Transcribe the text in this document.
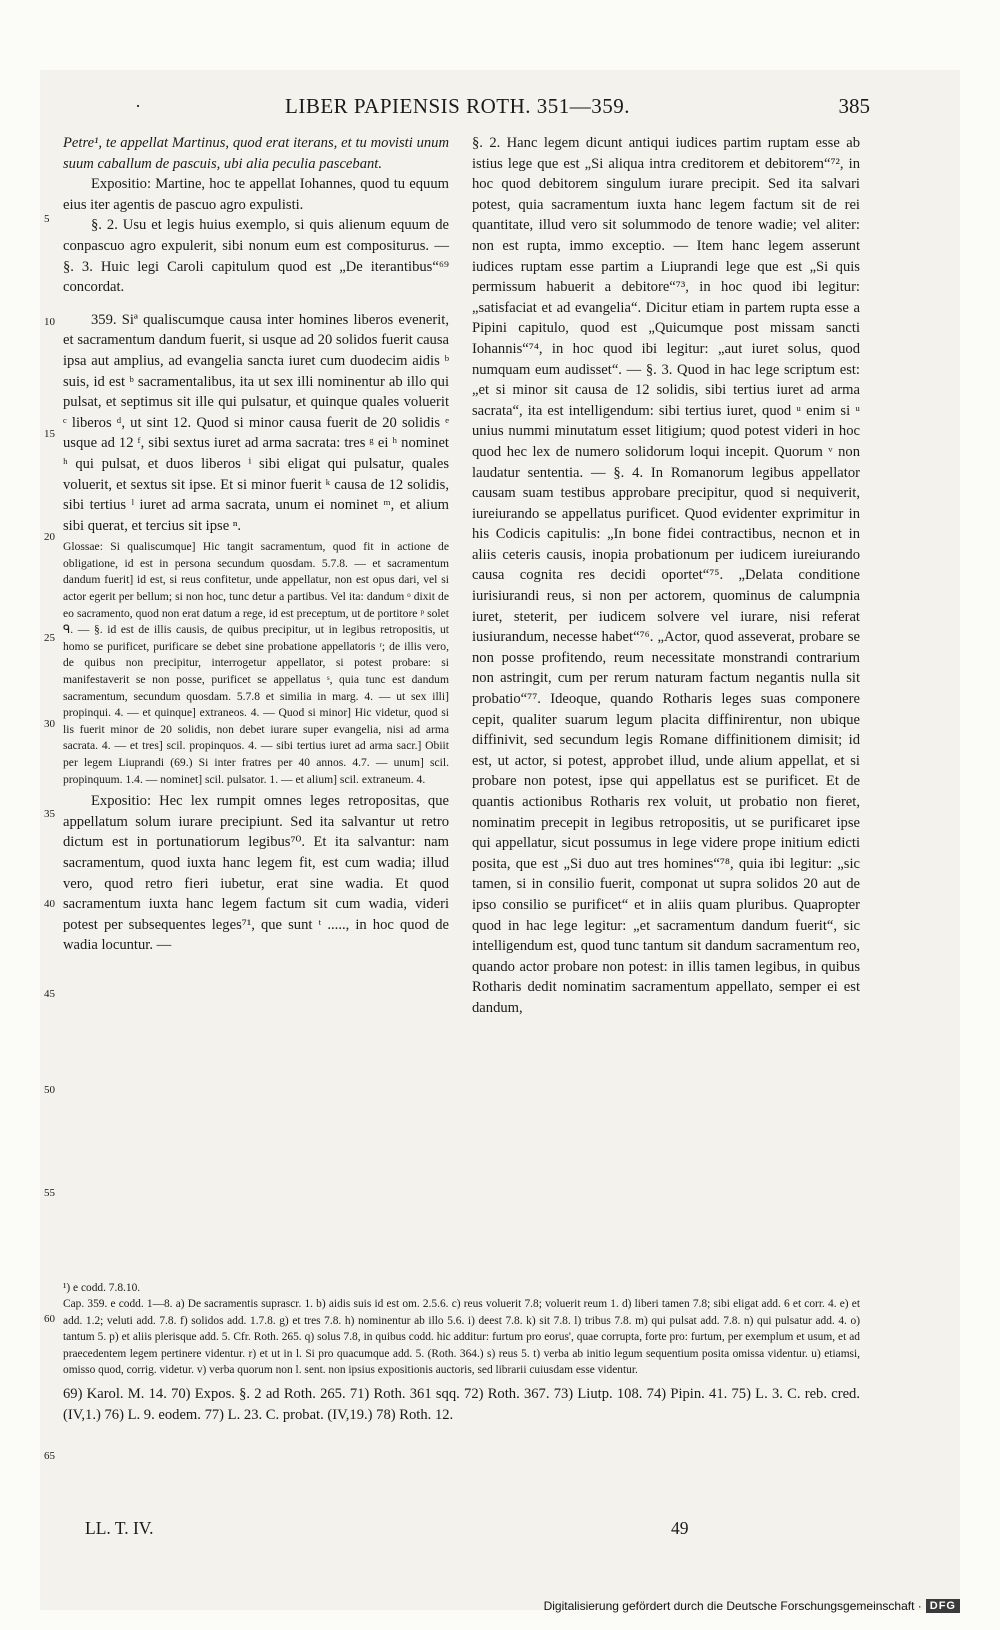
·	LIBER PAPIENSIS ROTH. 351—359.	385
5
10
15
20
25
30
35
40
45
50
55
60
65

Petre¹, te appellat Martinus, quod erat iterans, et tu movisti unum suum caballum de pascuis, ubi alia peculia pascebant.

Expositio: Martine, hoc te appellat Iohannes, quod tu equum eius iter agentis de pascuo agro expulisti.

§. 2. Usu et legis huius exemplo, si quis alienum equum de conpascuo agro expulerit, sibi nonum eum est compositurus. — §. 3. Huic legi Caroli capitulum quod est „De iterantibus“⁶⁹ concordat.

359. Siª qualiscumque causa inter homines liberos evenerit, et sacramentum dandum fuerit, si usque ad 20 solidos fuerit causa ipsa aut amplius, ad evangelia sancta iuret cum duodecim aidis ᵇ suis, id est ᵇ sacramentalibus, ita ut sex illi nominentur ab illo qui pulsat, et septimus sit ille qui pulsatur, et quinque quales voluerit ᶜ liberos ᵈ, ut sint 12. Quod si minor causa fuerit de 20 solidis ᵉ usque ad 12 ᶠ, sibi sextus iuret ad arma sacrata: tres ᵍ ei ʰ nominet ʰ qui pulsat, et duos liberos ⁱ sibi eligat qui pulsatur, quales voluerit, et sextus sit ipse. Et si minor fuerit ᵏ causa de 12 solidis, sibi tertius ˡ iuret ad arma sacrata, unum ei nominet ᵐ, et alium sibi querat, et tercius sit ipse ⁿ.

Glossae: Si qualiscumque] Hic tangit sacramentum, quod fit in actione de obligatione, id est in persona secundum quosdam. 5.7.8. — et sacramentum dandum fuerit] id est, si reus confitetur, unde appellatur, non est opus dari, vel si actor egerit per bellum; si non hoc, tunc detur a partibus. Vel ita: dandum ᵒ dixit de eo sacramento, quod non erat datum a rege, id est preceptum, ut de portitore ᵖ solet ᑫ. — §. id est de illis causis, de quibus precipitur, ut in legibus retropositis, ut homo se purificet, purificare se debet sine probatione appellatoris ʳ; de illis vero, de quibus non precipitur, interrogetur appellator, si potest probare: si manifestaverit se non posse, purificet se appellatus ˢ, quia tunc est dandum sacramentum, secundum quosdam. 5.7.8 et similia in marg. 4. — ut sex illi] propinqui. 4. — et quinque] extraneos. 4. — Quod si minor] Hic videtur, quod si lis fuerit minor de 20 solidis, non debet iurare super evangelia, nisi ad arma sacrata. 4. — et tres] scil. propinquos. 4. — sibi tertius iuret ad arma sacr.] Obiit per legem Liuprandi (69.) Si inter fratres per 40 annos. 4.7. — unum] scil. propinquum. 1.4. — nominet] scil. pulsator. 1. — et alium] scil. extraneum. 4.

Expositio: Hec lex rumpit omnes leges retropositas, que appellatum solum iurare precipiunt. Sed ita salvantur ut retro dictum est in portunatiorum legibus⁷⁰. Et ita salvantur: nam sacramentum, quod iuxta hanc legem fit, est cum wadia; illud vero, quod retro fieri iubetur, erat sine wadia. Et quod sacramentum iuxta hanc legem factum sit cum wadia, videri potest per subsequentes leges⁷¹, que sunt ᵗ ....., in hoc quod de wadia locuntur. —

§. 2. Hanc legem dicunt antiqui iudices partim ruptam esse ab istius lege que est „Si aliqua intra creditorem et debitorem“⁷², in hoc quod debitorem singulum iurare precipit. Sed ita salvari potest, quia sacramentum iuxta hanc legem factum sit de rei quantitate, illud vero sit solummodo de tenore wadie; vel aliter: non est rupta, immo exceptio. — Item hanc legem asserunt iudices ruptam esse partim a Liuprandi lege que est „Si quis permissum habuerit a debitore“⁷³, in hoc quod ibi legitur: „satisfaciat et ad evangelia“. Dicitur etiam in partem rupta esse a Pipini capitulo, quod est „Quicumque post missam sancti Iohannis“⁷⁴, in hoc quod ibi legitur: „aut iuret solus, quod numquam eum audisset“. — §. 3. Quod in hac lege scriptum est: „et si minor sit causa de 12 solidis, sibi tertius iuret ad arma sacrata“, ita est intelligendum: sibi tertius iuret, quod ᵘ enim si ᵘ unius nummi minutatum esset litigium; quod potest videri in hoc quod hec lex de numero solidorum loqui incepit. Quorum ᵛ non laudatur sententia. — §. 4. In Romanorum legibus appellator causam suam testibus approbare precipitur, quod si nequiverit, iureiurando se appellatus purificet. Quod evidenter exprimitur in his Codicis capitulis: „In bone fidei contractibus, necnon et in aliis ceteris causis, inopia probationum per iudicem iureiurando causa cognita res decidi oportet“⁷⁵. „Delata conditione iurisiurandi reus, si non per actorem, quominus de calumpnia iuret, steterit, per iudicem solvere vel iurare, nisi referat iusiurandum, necesse habet“⁷⁶. „Actor, quod asseverat, probare se non posse profitendo, reum necessitate monstrandi contrarium non astringit, cum per rerum naturam factum negantis nulla sit probatio“⁷⁷. Ideoque, quando Rotharis leges suas componere cepit, qualiter suarum legum placita diffinirentur, non ubique diffinivit, sed secundum legis Romane diffinitionem dimisit; id est, ut actor, si potest, approbet illud, unde alium appellat, et si probare non potest, ipse qui appellatus est se purificet. Et de quantis actionibus Rotharis rex voluit, ut probatio non fieret, nominatim precepit in legibus retropositis, ut se purificaret ipse qui appellatur, sicut possumus in lege videre prope initium edicti posita, que est „Si duo aut tres homines“⁷⁸, quia ibi legitur: „sic tamen, si in consilio fuerit, componat ut supra solidos 20 aut de ipso consilio se purificet“ et in aliis quam pluribus. Quapropter quod in hac lege legitur: „et sacramentum dandum fuerit“, sic intelligendum est, quod tunc tantum sit dandum sacramentum reo, quando actor probare non potest: in illis tamen legibus, in quibus Rotharis dedit nominatim sacramentum appellato, semper ei est dandum,

¹) e codd. 7.8.10.

Cap. 359. e codd. 1—8. a) De sacramentis suprascr. 1. b) aidis suis id est om. 2.5.6. c) reus voluerit 7.8; voluerit reum 1. d) liberi tamen 7.8; sibi eligat add. 6 et corr. 4. e) et add. 1.2; veluti add. 7.8. f) solidos add. 1.7.8. g) et tres 7.8. h) nominentur ab illo 5.6. i) deest 7.8. k) sit 7.8. l) tribus 7.8. m) qui pulsat add. 7.8. n) qui pulsatur add. 4. o) tantum 5. p) et aliis plerisque add. 5. Cfr. Roth. 265. q) solus 7.8, in quibus codd. hic additur: furtum pro eorus', quae corrupta, forte pro: furtum, per exemplum et usum, et ad praecedentem legem pertinere videntur. r) et ut in l. Si pro quacumque add. 5. (Roth. 364.) s) reus 5. t) verba ab initio legum sequentium posita omissa videntur. u) etiamsi, omisso quod, corrig. videtur. v) verba quorum non l. sent. non ipsius expositionis auctoris, sed librarii cuiusdam esse videntur.

69) Karol. M. 14. 70) Expos. §. 2 ad Roth. 265. 71) Roth. 361 sqq. 72) Roth. 367. 73) Liutp. 108. 74) Pipin. 41. 75) L. 3. C. reb. cred. (IV,1.) 76) L. 9. eodem. 77) L. 23. C. probat. (IV,19.) 78) Roth. 12.

LL. T. IV.	49
Digitalisierung gefördert durch die Deutsche Forschungsgemeinschaft · DFG
